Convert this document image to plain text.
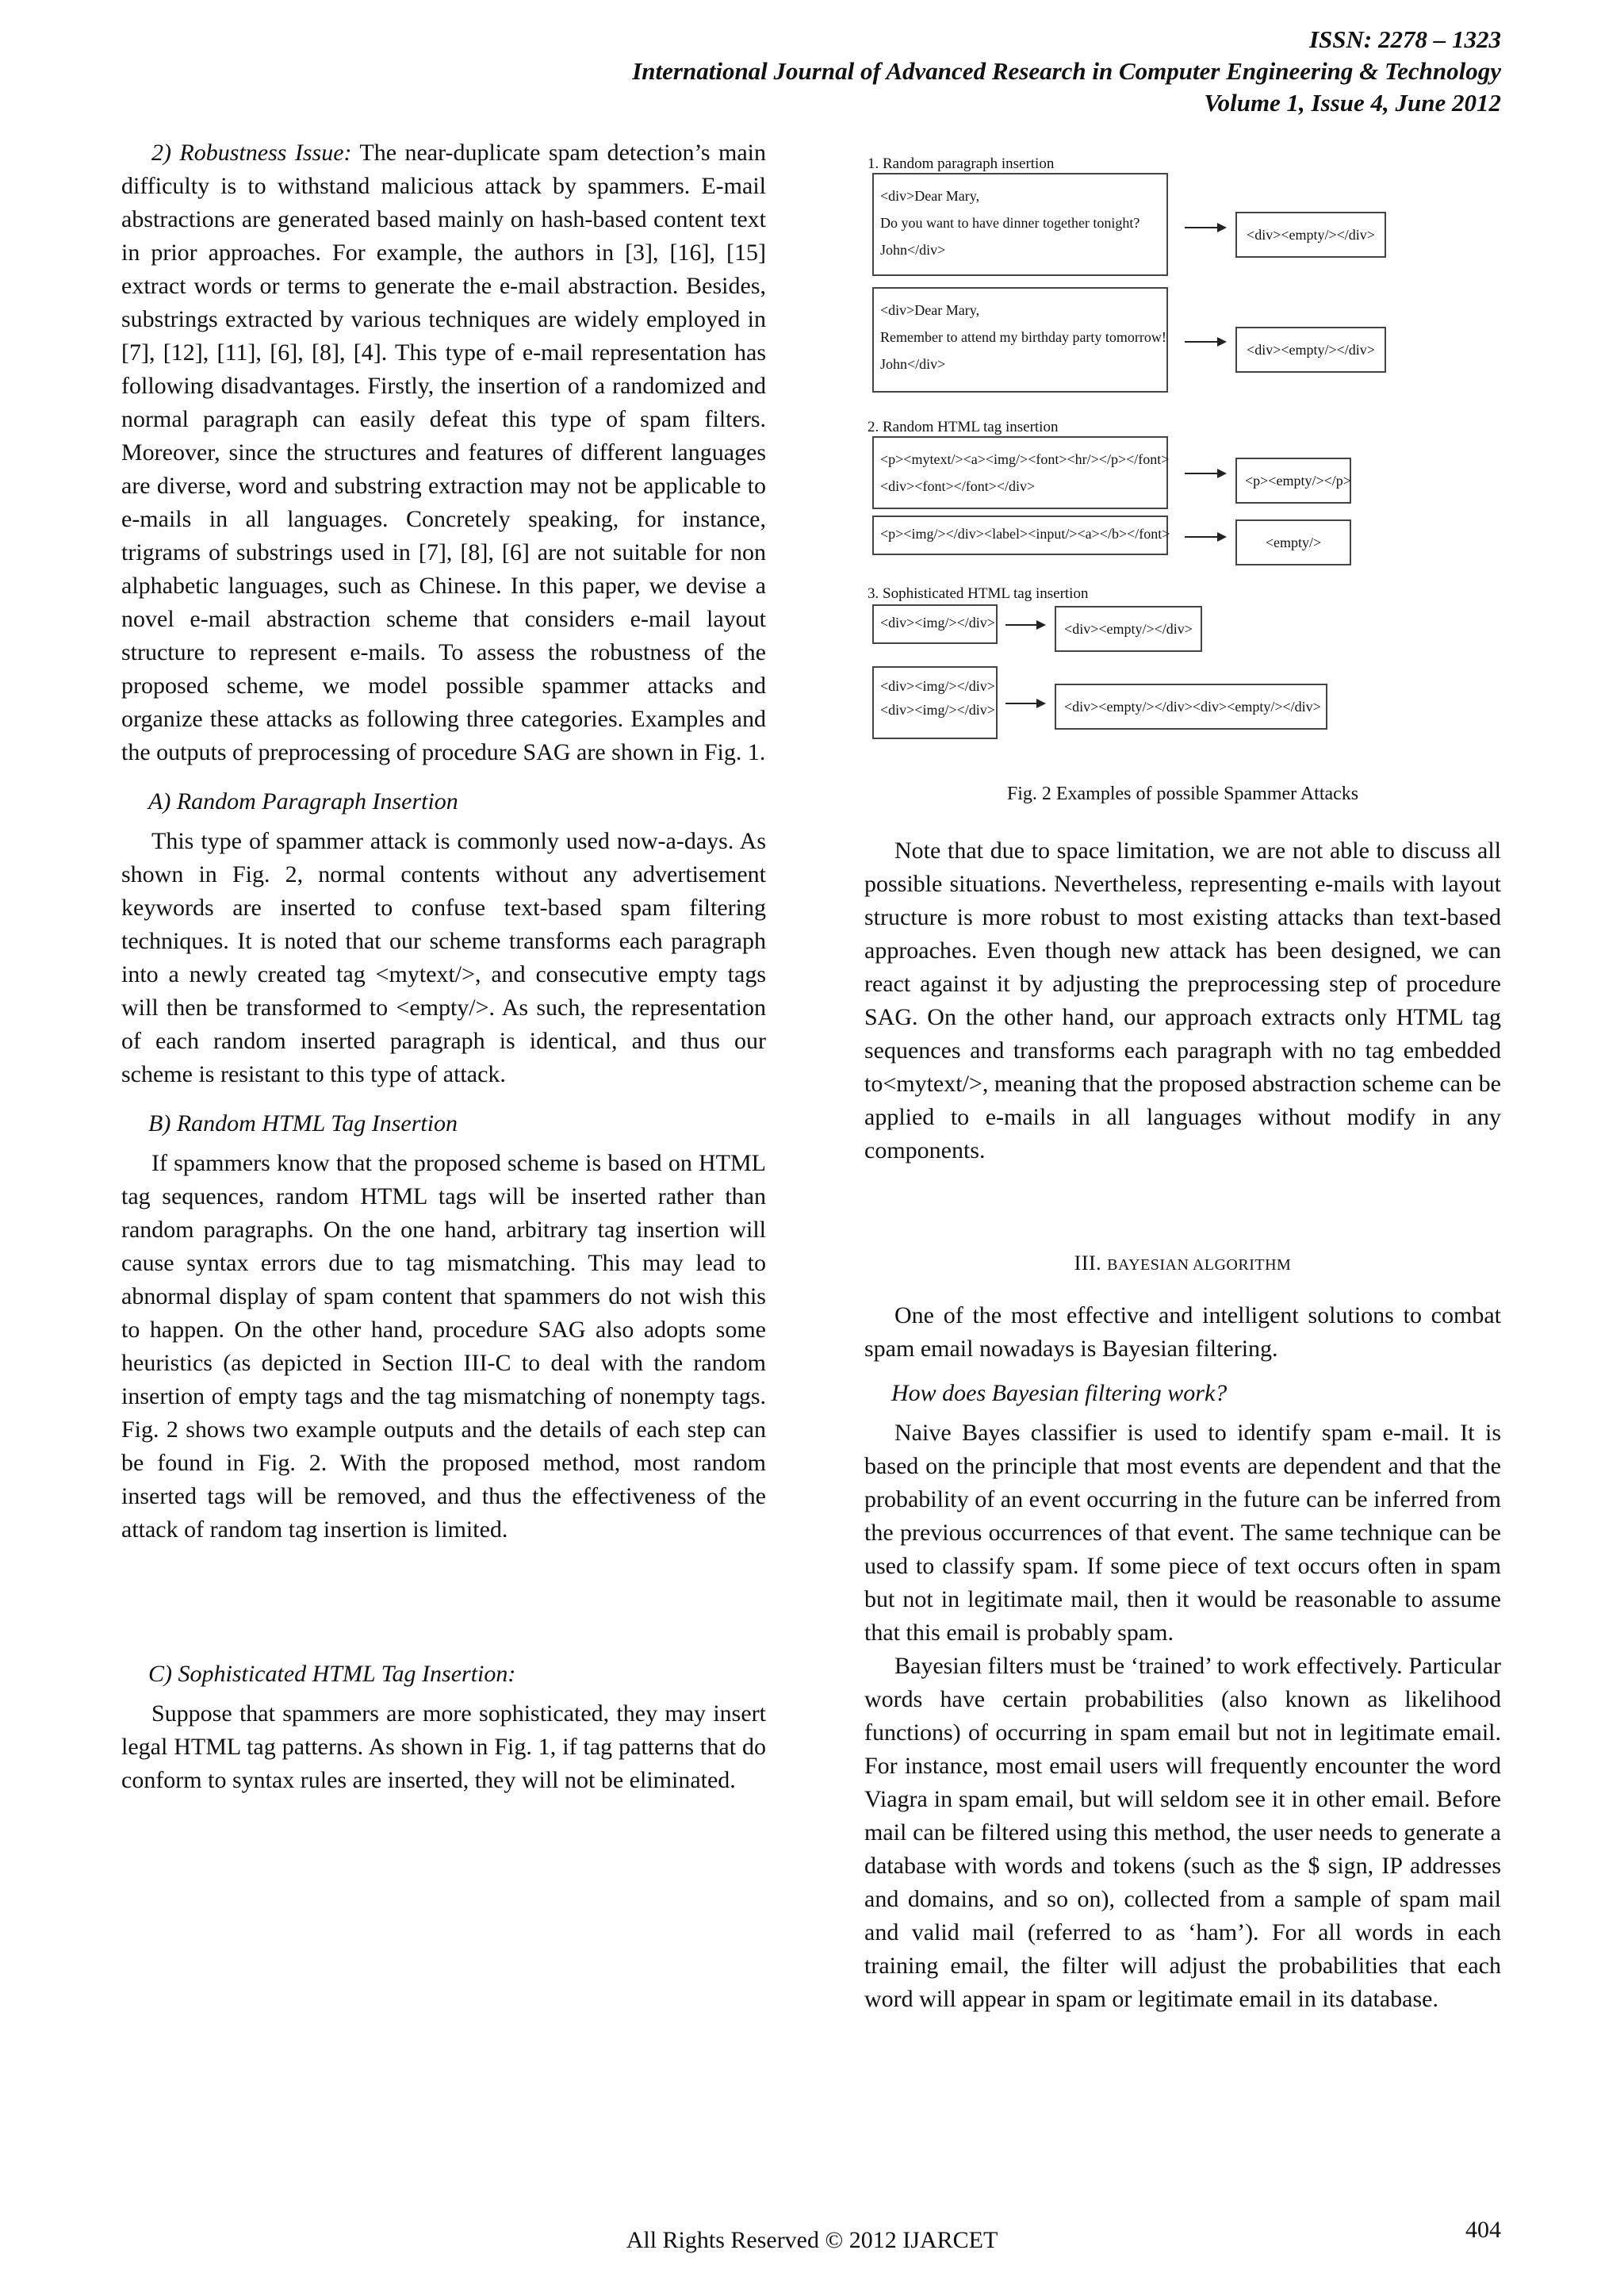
ISSN: 2278 – 1323
International Journal of Advanced Research in Computer Engineering & Technology
Volume 1, Issue 4, June 2012

2) Robustness Issue: The near-duplicate spam detection’s main difficulty is to withstand malicious attack by spammers. E-mail abstractions are generated based mainly on hash-based content text in prior approaches. For example, the authors in [3], [16], [15] extract words or terms to generate the e-mail abstraction. Besides, substrings extracted by various techniques are widely employed in [7], [12], [11], [6], [8], [4]. This type of e-mail representation has following disadvantages. Firstly, the insertion of a randomized and normal paragraph can easily defeat this type of spam filters. Moreover, since the structures and features of different languages are diverse, word and substring extraction may not be applicable to e-mails in all languages. Concretely speaking, for instance, trigrams of substrings used in [7], [8], [6] are not suitable for non alphabetic languages, such as Chinese. In this paper, we devise a novel e-mail abstraction scheme that considers e-mail layout structure to represent e-mails. To assess the robustness of the proposed scheme, we model possible spammer attacks and organize these attacks as following three categories. Examples and the outputs of preprocessing of procedure SAG are shown in Fig. 1.

A) Random Paragraph Insertion

This type of spammer attack is commonly used now-a-days. As shown in Fig. 2, normal contents without any advertisement keywords are inserted to confuse text-based spam filtering techniques. It is noted that our scheme transforms each paragraph into a newly created tag <mytext/>, and consecutive empty tags will then be transformed to <empty/>. As such, the representation of each random inserted paragraph is identical, and thus our scheme is resistant to this type of attack.

B) Random HTML Tag Insertion

If spammers know that the proposed scheme is based on HTML tag sequences, random HTML tags will be inserted rather than random paragraphs. On the one hand, arbitrary tag insertion will cause syntax errors due to tag mismatching. This may lead to abnormal display of spam content that spammers do not wish this to happen. On the other hand, procedure SAG also adopts some heuristics (as depicted in Section III-C to deal with the random insertion of empty tags and the tag mismatching of nonempty tags. Fig. 2 shows two example outputs and the details of each step can be found in Fig. 2. With the proposed method, most random inserted tags will be removed, and thus the effectiveness of the attack of random tag insertion is limited.

C) Sophisticated HTML Tag Insertion:

Suppose that spammers are more sophisticated, they may insert legal HTML tag patterns. As shown in Fig. 1, if tag patterns that do conform to syntax rules are inserted, they will not be eliminated.

1. Random paragraph insertion
<div>Dear Mary,
Do you want to have dinner together tonight?
John</div>
<div><empty/></div>
<div>Dear Mary,
Remember to attend my birthday party tomorrow!
John</div>
<div><empty/></div>
2. Random HTML tag insertion
<p><mytext/><a><img/><font><hr/></p></font>
<div><font></font></div>	<p><empty/></p>
<p><img/></div><label><input/><a></b></font>
<empty/>
3. Sophisticated HTML tag insertion
<div><img/></div>	<div><empty/></div>
<div><img/></div>
<div><img/></div>	<div><empty/></div><div><empty/></div>
Fig. 2 Examples of possible Spammer Attacks

Note that due to space limitation, we are not able to discuss all possible situations. Nevertheless, representing e-mails with layout structure is more robust to most existing attacks than text-based approaches. Even though new attack has been designed, we can react against it by adjusting the preprocessing step of procedure SAG. On the other hand, our approach extracts only HTML tag sequences and transforms each paragraph with no tag embedded to<mytext/>, meaning that the proposed abstraction scheme can be applied to e-mails in all languages without modify in any components.

III. BAYESIAN ALGORITHM

One of the most effective and intelligent solutions to combat spam email nowadays is Bayesian filtering.

How does Bayesian filtering work?

Naive Bayes classifier is used to identify spam e-mail. It is based on the principle that most events are dependent and that the probability of an event occurring in the future can be inferred from the previous occurrences of that event. The same technique can be used to classify spam. If some piece of text occurs often in spam but not in legitimate mail, then it would be reasonable to assume that this email is probably spam.

Bayesian filters must be ‘trained’ to work effectively. Particular words have certain probabilities (also known as likelihood functions) of occurring in spam email but not in legitimate email. For instance, most email users will frequently encounter the word Viagra in spam email, but will seldom see it in other email. Before mail can be filtered using this method, the user needs to generate a database with words and tokens (such as the $ sign, IP addresses and domains, and so on), collected from a sample of spam mail and valid mail (referred to as ‘ham’). For all words in each training email, the filter will adjust the probabilities that each word will appear in spam or legitimate email in its database.

All Rights Reserved © 2012 IJARCET	404
